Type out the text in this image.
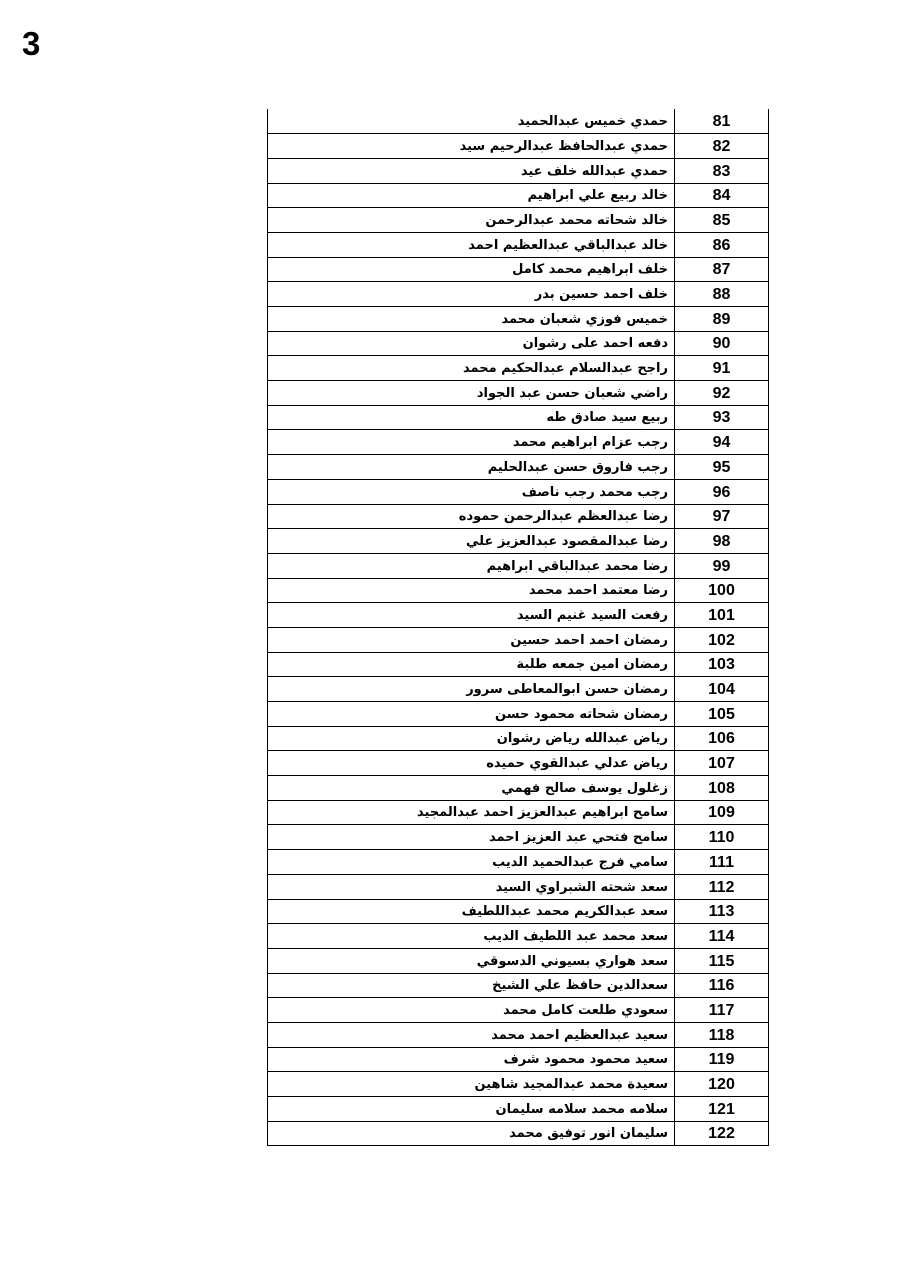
3
81	حمدي خميس عبدالحميد
82	حمدي عبدالحافظ عبدالرحيم سيد
83	حمدي عبدالله خلف عيد
84	خالد ربيع علي ابراهيم
85	خالد شحاته محمد عبدالرحمن
86	خالد عبدالباقي عبدالعظيم احمد
87	خلف ابراهيم محمد كامل
88	خلف احمد حسين بدر
89	خميس فوزي شعبان محمد
90	دفعه احمد على رشوان
91	راجح عبدالسلام عبدالحكيم محمد
92	راضي شعبان حسن عبد الجواد
93	ربيع سيد صادق طه
94	رجب عزام ابراهيم محمد
95	رجب فاروق حسن عبدالحليم
96	رجب محمد رجب ناصف
97	رضا عبدالعظم عبدالرحمن حموده
98	رضا عبدالمقصود عبدالعزيز علي
99	رضا محمد عبدالباقي ابراهيم
100	رضا معتمد احمد محمد
101	رفعت السيد غنيم السيد
102	رمضان احمد احمد حسين
103	رمضان امين جمعه طلبة
104	رمضان حسن ابوالمعاطى سرور
105	رمضان شحاته محمود حسن
106	رياض عبدالله رياض رشوان
107	رياض عدلي عبدالقوي حميده
108	زغلول يوسف صالح فهمي
109	سامح ابراهيم عبدالعزيز احمد عبدالمجيد
110	سامح فتحي عبد العزيز احمد
111	سامي فرج عبدالحميد الديب
112	سعد شحته الشبراوي السيد
113	سعد عبدالكريم محمد عبداللطيف
114	سعد محمد عبد اللطيف الديب
115	سعد هواري بسيوني الدسوقي
116	سعدالدين حافظ علي الشيخ
117	سعودي طلعت كامل محمد
118	سعيد عبدالعظيم احمد محمد
119	سعيد محمود محمود شرف
120	سعيدة محمد عبدالمجيد شاهين
121	سلامه محمد سلامه سليمان
122	سليمان انور توفيق محمد
